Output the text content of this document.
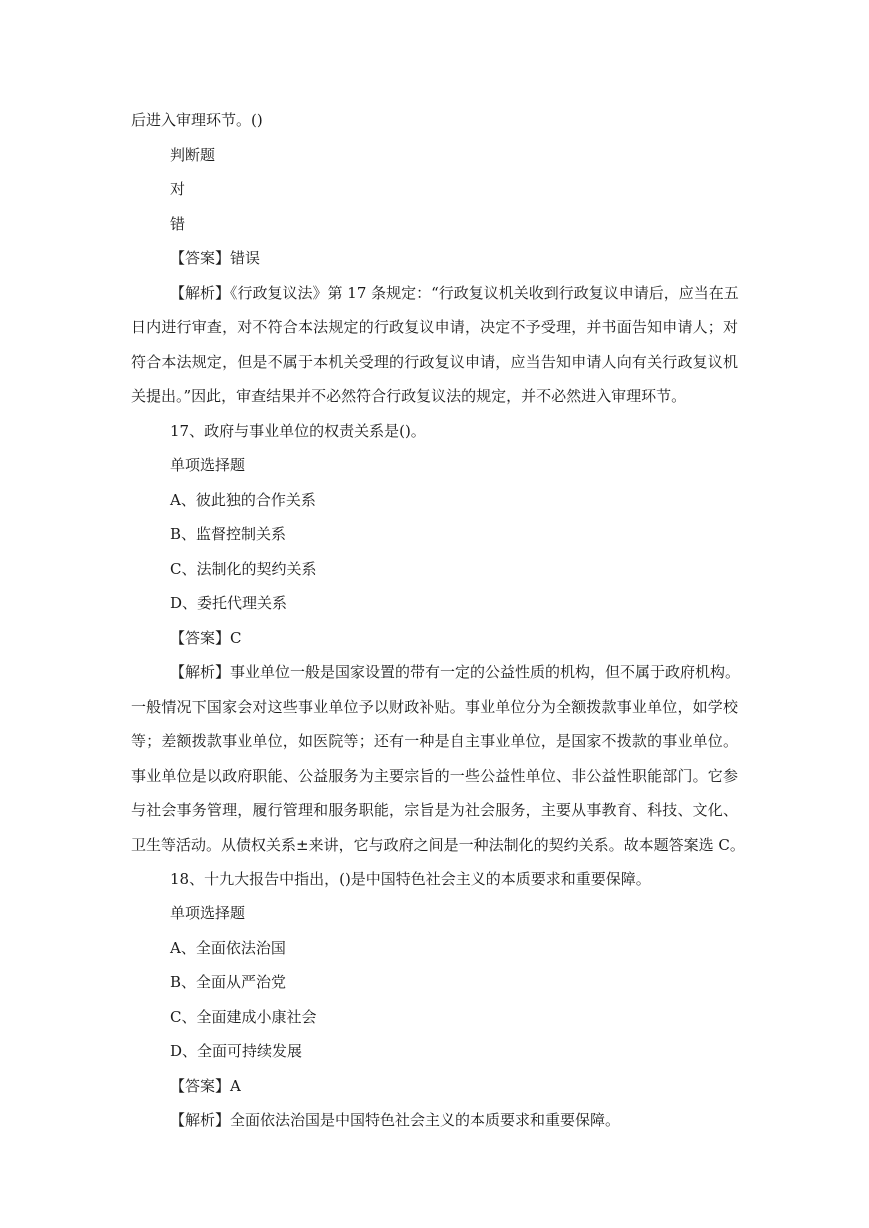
后进入审理环节。()
判断题
对
错
【答案】错误
【解析】《行政复议法》第 17 条规定：“行政复议机关收到行政复议申请后，应当在五
日内进行审查，对不符合本法规定的行政复议申请，决定不予受理，并书面告知申请人；对
符合本法规定，但是不属于本机关受理的行政复议申请，应当告知申请人向有关行政复议机
关提出。”因此，审查结果并不必然符合行政复议法的规定，并不必然进入审理环节。
17、政府与事业单位的权责关系是()。
单项选择题
A、彼此独的合作关系
B、监督控制关系
C、法制化的契约关系
D、委托代理关系
【答案】C
【解析】事业单位一般是国家设置的带有一定的公益性质的机构，但不属于政府机构。
一般情况下国家会对这些事业单位予以财政补贴。事业单位分为全额拨款事业单位，如学校
等；差额拨款事业单位，如医院等；还有一种是自主事业单位，是国家不拨款的事业单位。
事业单位是以政府职能、公益服务为主要宗旨的一些公益性单位、非公益性职能部门。它参
与社会事务管理，履行管理和服务职能，宗旨是为社会服务，主要从事教育、科技、文化、
卫生等活动。从债权关系±来讲，它与政府之间是一种法制化的契约关系。故本题答案选 C。
18、十九大报告中指出，()是中国特色社会主义的本质要求和重要保障。
单项选择题
A、全面依法治国
B、全面从严治党
C、全面建成小康社会
D、全面可持续发展
【答案】A
【解析】全面依法治国是中国特色社会主义的本质要求和重要保障。
